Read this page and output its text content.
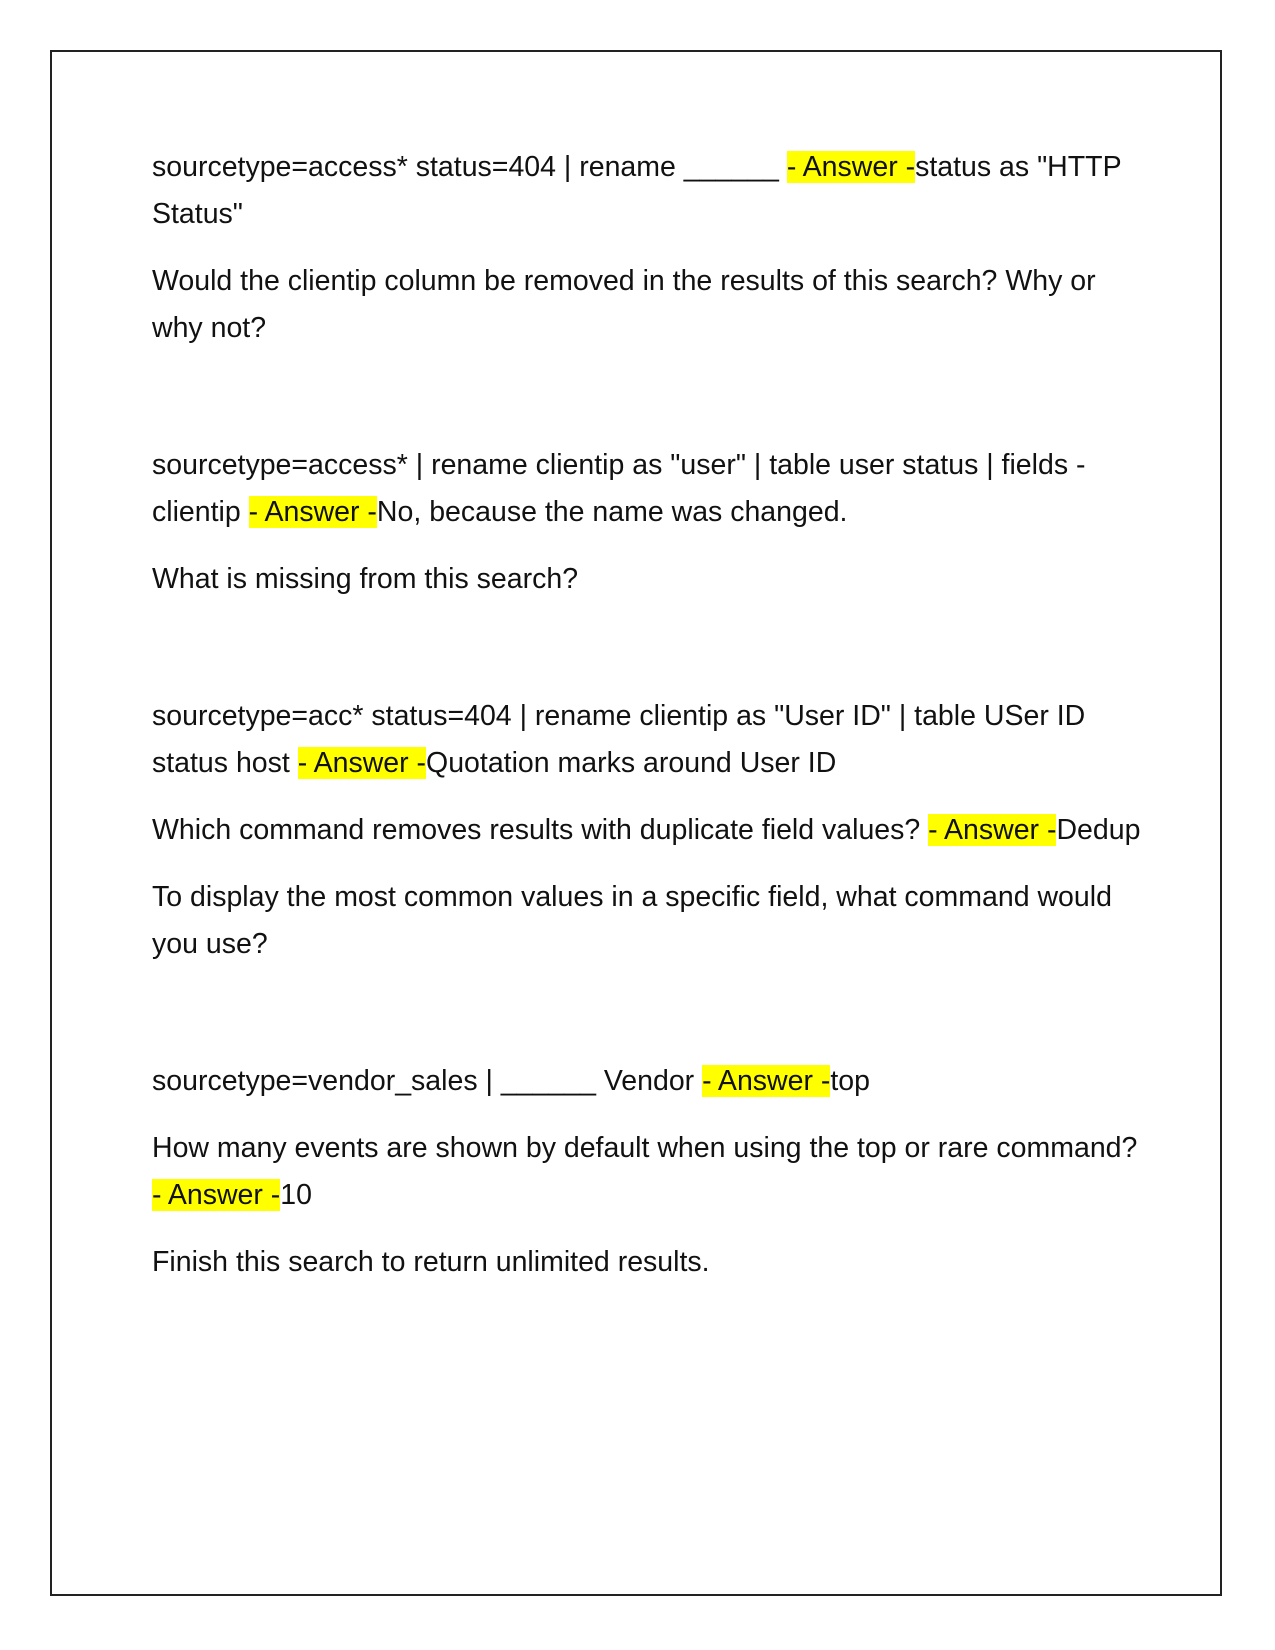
sourcetype=access* status=404 | rename ______ - Answer -status as "HTTP Status"

Would the clientip column be removed in the results of this search? Why or why not?

sourcetype=access* | rename clientip as "user" | table user status | fields - clientip - Answer -No, because the name was changed.

What is missing from this search?

sourcetype=acc* status=404 | rename clientip as "User ID" | table USer ID status host - Answer -Quotation marks around User ID

Which command removes results with duplicate field values? - Answer -Dedup

To display the most common values in a specific field, what command would you use?

sourcetype=vendor_sales | ______ Vendor - Answer -top

How many events are shown by default when using the top or rare command? - Answer -10

Finish this search to return unlimited results.
